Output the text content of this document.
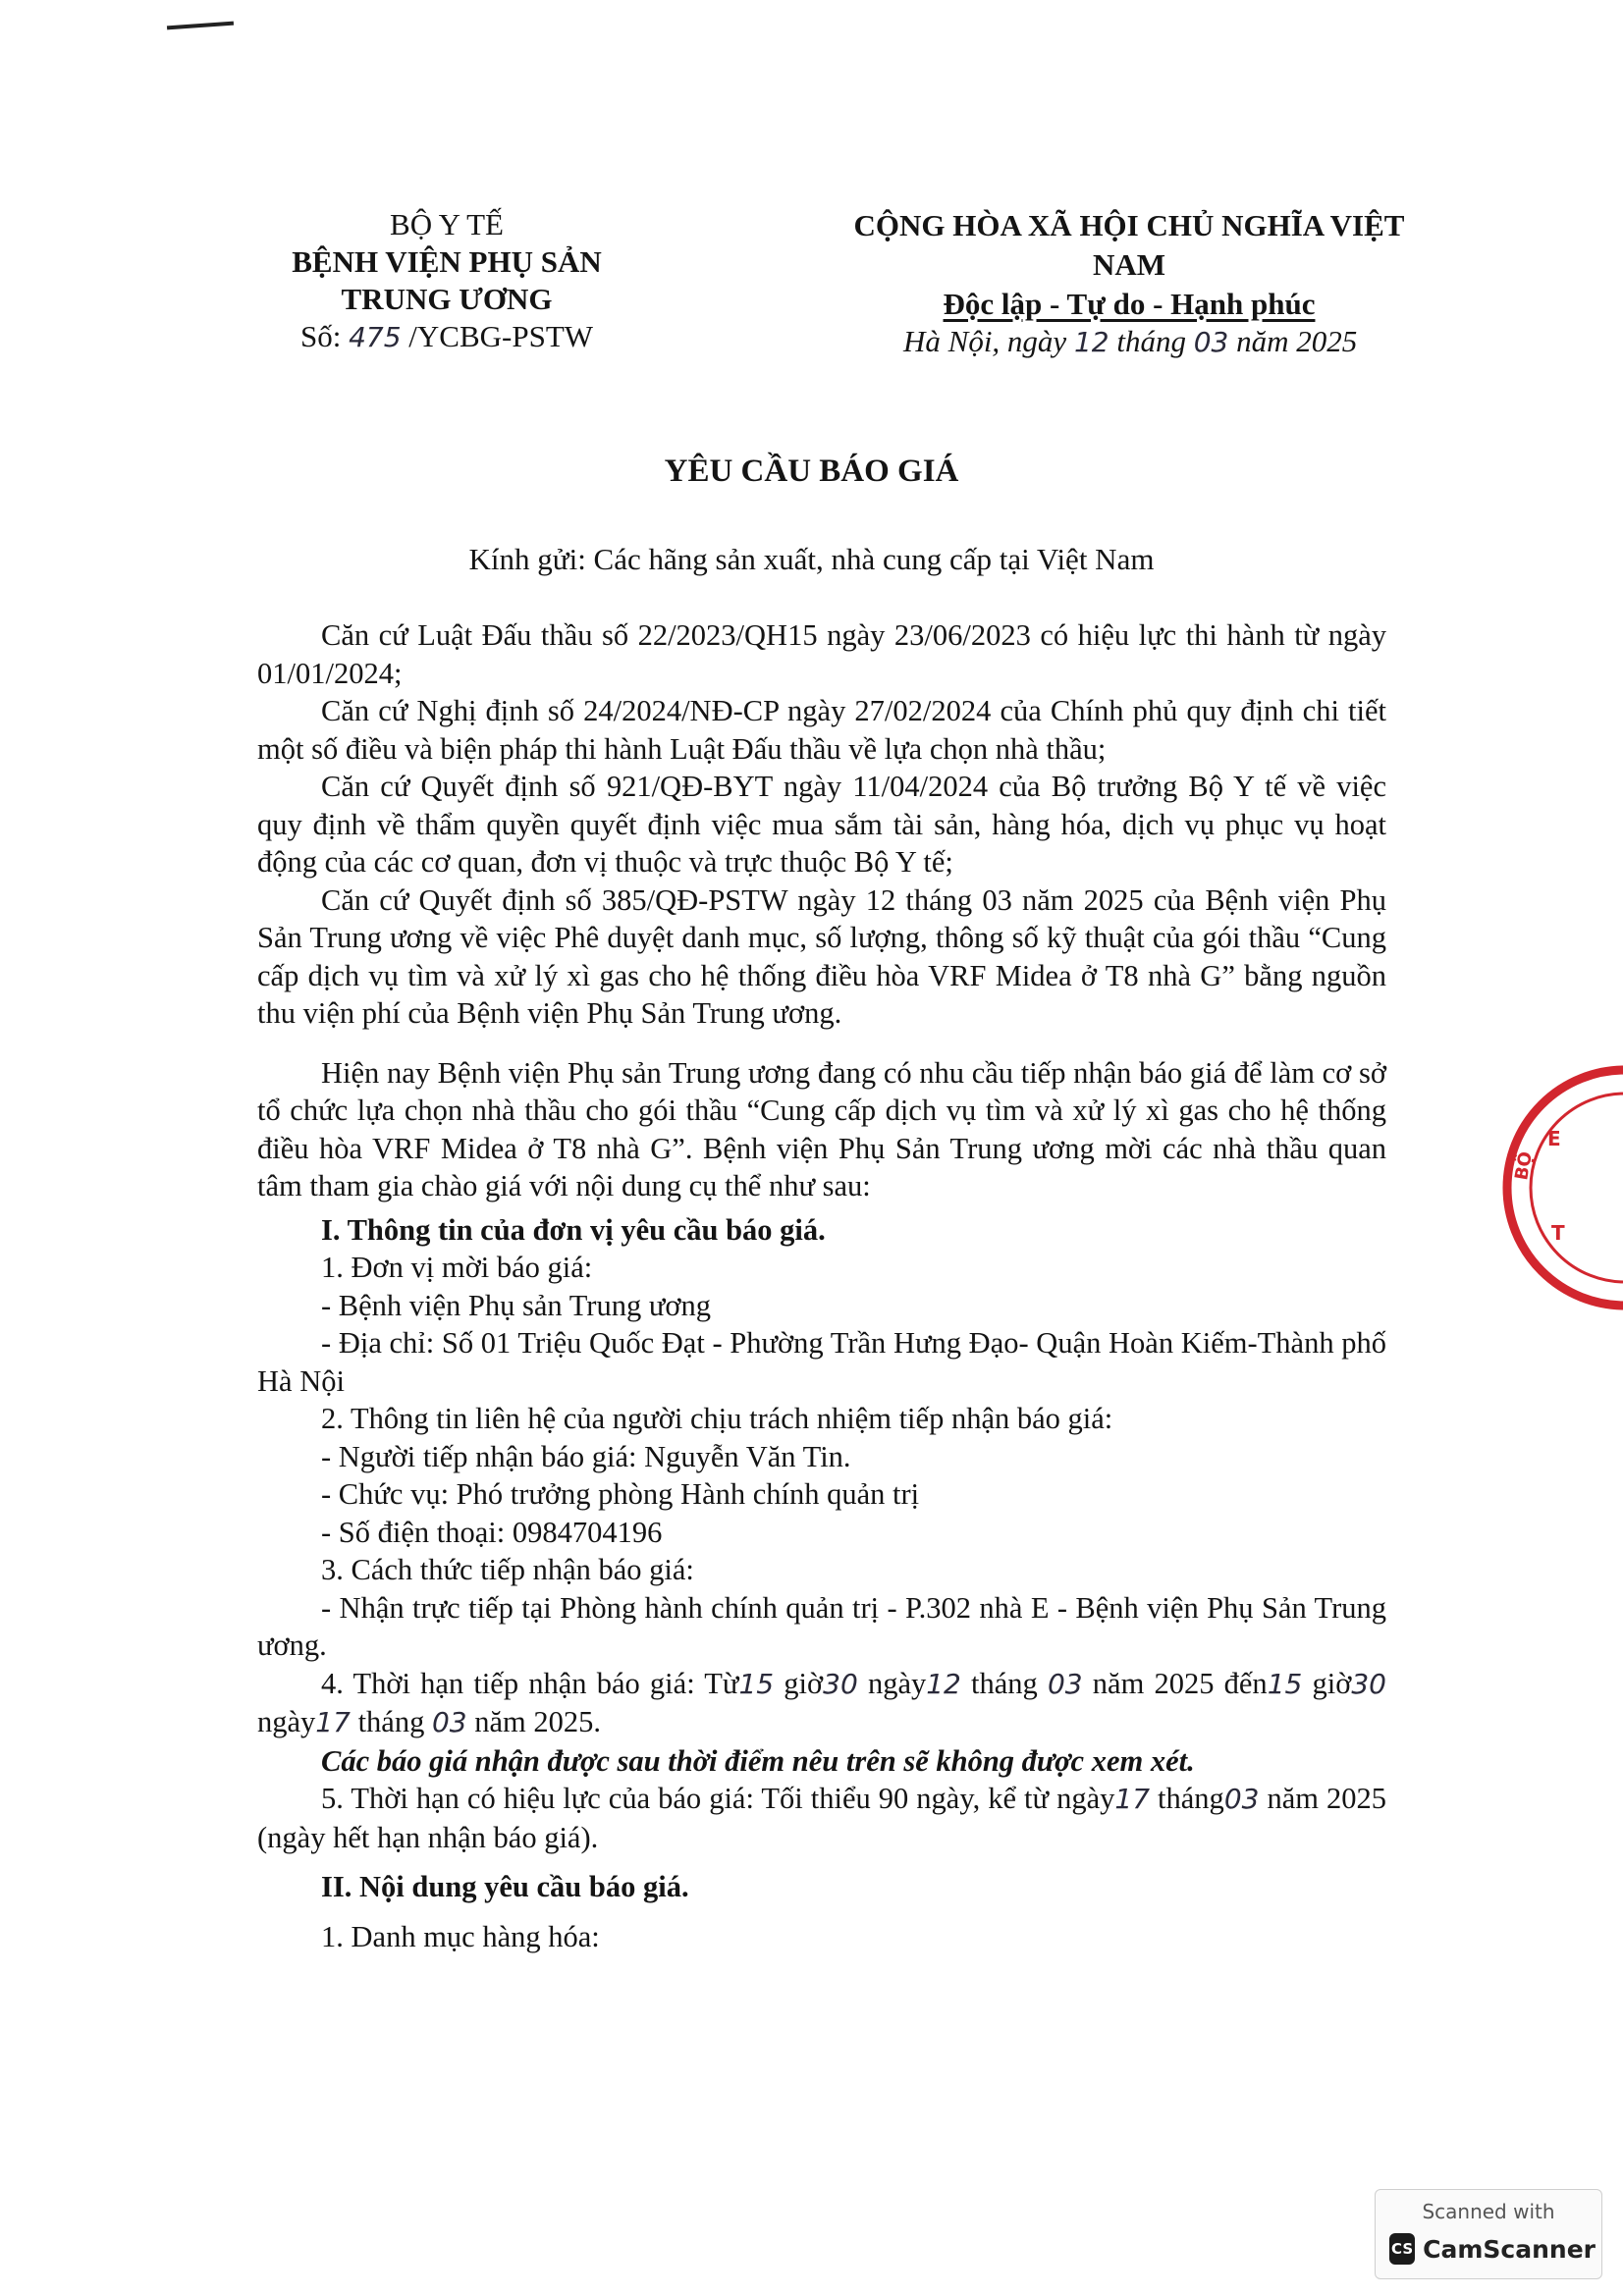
BỘ Y TẾ
BỆNH VIỆN PHỤ SẢN
TRUNG ƯƠNG
Số: 475 /YCBG-PSTW
CỘNG HÒA XÃ HỘI CHỦ NGHĨA VIỆT NAM
Độc lập - Tự do - Hạnh phúc
Hà Nội, ngày 12 tháng 03 năm 2025
YÊU CẦU BÁO GIÁ
Kính gửi: Các hãng sản xuất, nhà cung cấp tại Việt Nam

Căn cứ Luật Đấu thầu số 22/2023/QH15 ngày 23/06/2023 có hiệu lực thi hành từ ngày 01/01/2024;

Căn cứ Nghị định số 24/2024/NĐ-CP ngày 27/02/2024 của Chính phủ quy định chi tiết một số điều và biện pháp thi hành Luật Đấu thầu về lựa chọn nhà thầu;

Căn cứ Quyết định số 921/QĐ-BYT ngày 11/04/2024 của Bộ trưởng Bộ Y tế về việc quy định về thẩm quyền quyết định việc mua sắm tài sản, hàng hóa, dịch vụ phục vụ hoạt động của các cơ quan, đơn vị thuộc và trực thuộc Bộ Y tế;

Căn cứ Quyết định số 385/QĐ-PSTW ngày 12 tháng 03 năm 2025 của Bệnh viện Phụ Sản Trung ương về việc Phê duyệt danh mục, số lượng, thông số kỹ thuật của gói thầu “Cung cấp dịch vụ tìm và xử lý xì gas cho hệ thống điều hòa VRF Midea ở T8 nhà G” bằng nguồn thu viện phí của Bệnh viện Phụ Sản Trung ương.

Hiện nay Bệnh viện Phụ sản Trung ương đang có nhu cầu tiếp nhận báo giá để làm cơ sở tổ chức lựa chọn nhà thầu cho gói thầu “Cung cấp dịch vụ tìm và xử lý xì gas cho hệ thống điều hòa VRF Midea ở T8 nhà G”. Bệnh viện Phụ Sản Trung ương mời các nhà thầu quan tâm tham gia chào giá với nội dung cụ thể như sau:

I. Thông tin của đơn vị yêu cầu báo giá.

1. Đơn vị mời báo giá:

- Bệnh viện Phụ sản Trung ương

- Địa chỉ: Số 01 Triệu Quốc Đạt - Phường Trần Hưng Đạo- Quận Hoàn Kiếm-Thành phố Hà Nội

2. Thông tin liên hệ của người chịu trách nhiệm tiếp nhận báo giá:

- Người tiếp nhận báo giá: Nguyễn Văn Tin.

- Chức vụ: Phó trưởng phòng Hành chính quản trị

- Số điện thoại: 0984704196

3. Cách thức tiếp nhận báo giá:

- Nhận trực tiếp tại Phòng hành chính quản trị - P.302 nhà E - Bệnh viện Phụ Sản Trung ương.

4. Thời hạn tiếp nhận báo giá: Từ15 giờ30 ngày12 tháng 03 năm 2025 đến15 giờ30 ngày17 tháng 03 năm 2025.

Các báo giá nhận được sau thời điểm nêu trên sẽ không được xem xét.

5. Thời hạn có hiệu lực của báo giá: Tối thiểu 90 ngày, kể từ ngày17 tháng03 năm 2025 (ngày hết hạn nhận báo giá).

II. Nội dung yêu cầu báo giá.

1. Danh mục hàng hóa:

BỘ
E
T
Scanned with
CS CamScanner
